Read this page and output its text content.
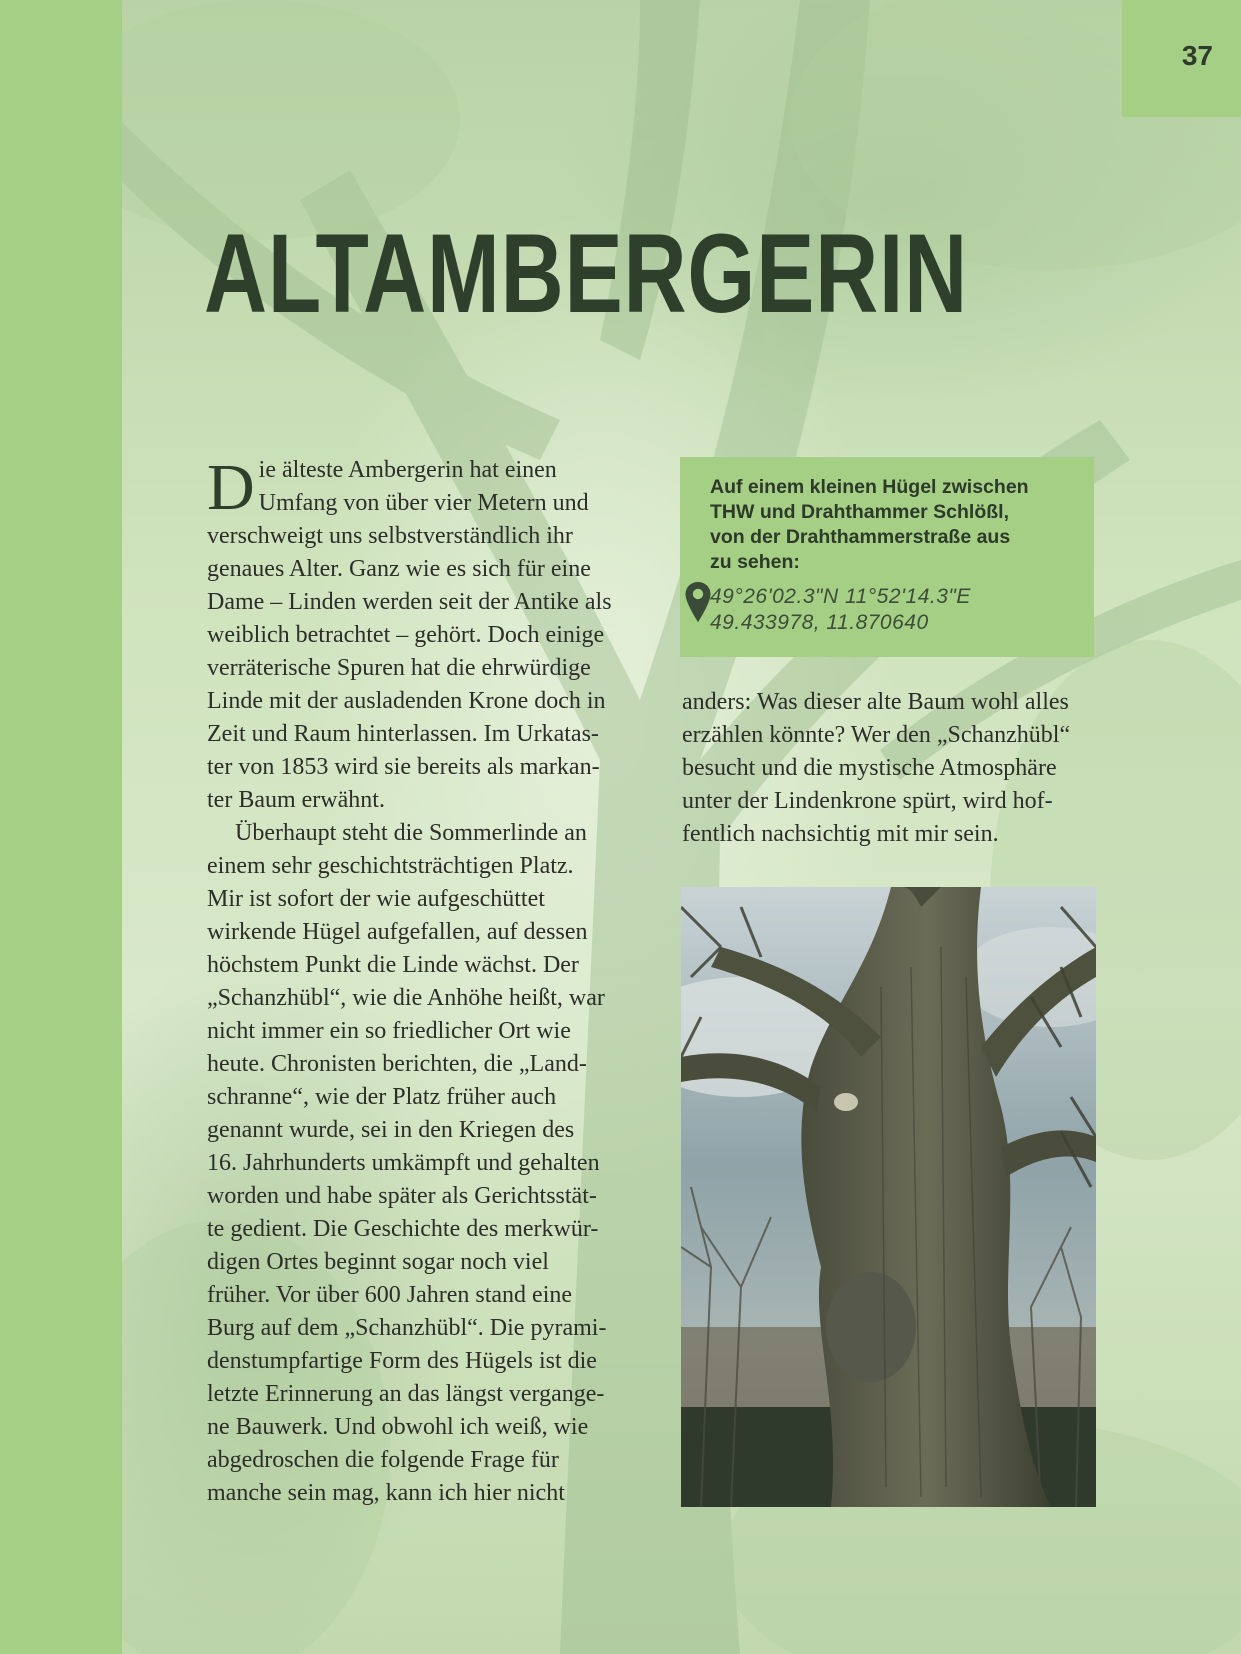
37
ALTAMBERGERIN
D ie älteste Ambergerin hat einen
Umfang von über vier Metern und
verschweigt uns selbstverständlich ihr
genaues Alter. Ganz wie es sich für eine
Dame – Linden werden seit der Antike als
weiblich betrachtet – gehört. Doch einige
verräterische Spuren hat die ehrwürdige
Linde mit der ausladenden Krone doch in
Zeit und Raum hinterlassen. Im Urkatas-
ter von 1853 wird sie bereits als markan-
ter Baum erwähnt.
Überhaupt steht die Sommerlinde an
einem sehr geschichtsträchtigen Platz.
Mir ist sofort der wie aufgeschüttet
wirkende Hügel aufgefallen, auf dessen
höchstem Punkt die Linde wächst. Der
„Schanzhübl“, wie die Anhöhe heißt, war
nicht immer ein so friedlicher Ort wie
heute. Chronisten berichten, die „Land-
schranne“, wie der Platz früher auch
genannt wurde, sei in den Kriegen des
16. Jahrhunderts umkämpft und gehalten
worden und habe später als Gerichtsstät-
te gedient. Die Geschichte des merkwür-
digen Ortes beginnt sogar noch viel
früher. Vor über 600 Jahren stand eine
Burg auf dem „Schanzhübl“. Die pyrami-
denstumpfartige Form des Hügels ist die
letzte Erinnerung an das längst vergange-
ne Bauwerk. Und obwohl ich weiß, wie
abgedroschen die folgende Frage für
manche sein mag, kann ich hier nicht

Auf einem kleinen Hügel zwischen
THW und Drahthammer Schlößl,
von der Drahthammerstraße aus
zu sehen:

49°26'02.3"N 11°52'14.3"E
49.433978, 11.870640
anders: Was dieser alte Baum wohl alles
erzählen könnte? Wer den „Schanzhübl“
besucht und die mystische Atmosphäre
unter der Lindenkrone spürt, wird hof-
fentlich nachsichtig mit mir sein.
